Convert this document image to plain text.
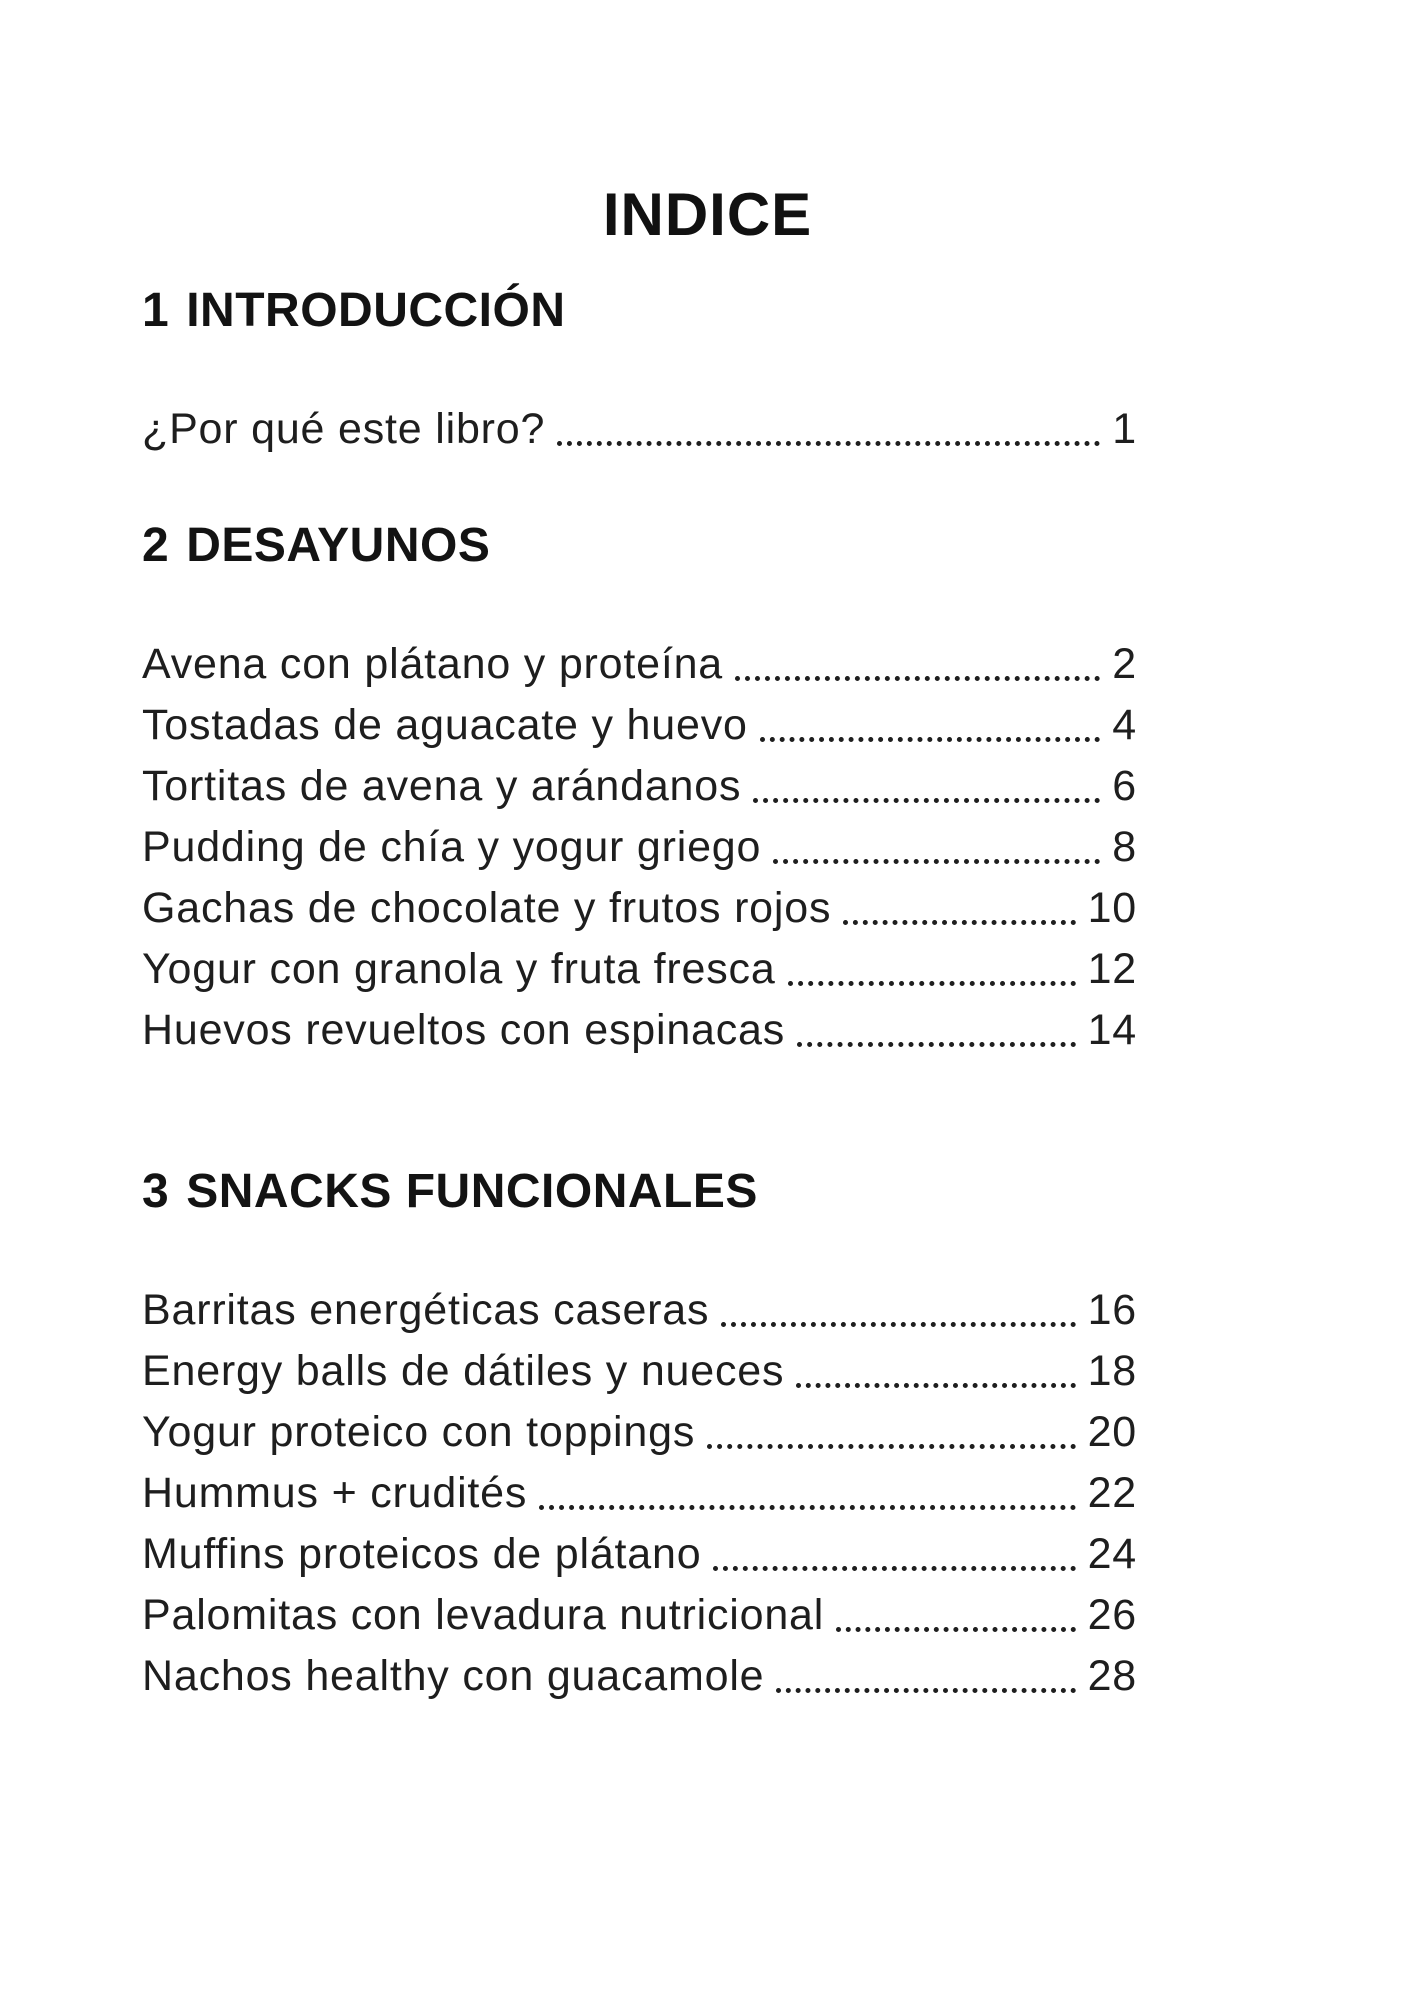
INDICE
1 INTRODUCCIÓN
¿Por qué este libro?	1
2 DESAYUNOS
Avena con plátano y proteína	2
Tostadas de aguacate y huevo	4
Tortitas de avena y arándanos	6
Pudding de chía y yogur griego	8
Gachas de chocolate y frutos rojos	10
Yogur con granola y fruta fresca	12
Huevos revueltos con espinacas	14
3 SNACKS FUNCIONALES
Barritas energéticas caseras	16
Energy balls de dátiles y nueces	18
Yogur proteico con toppings	20
Hummus + crudités	22
Muffins proteicos de plátano	24
Palomitas con levadura nutricional	26
Nachos healthy con guacamole	28
